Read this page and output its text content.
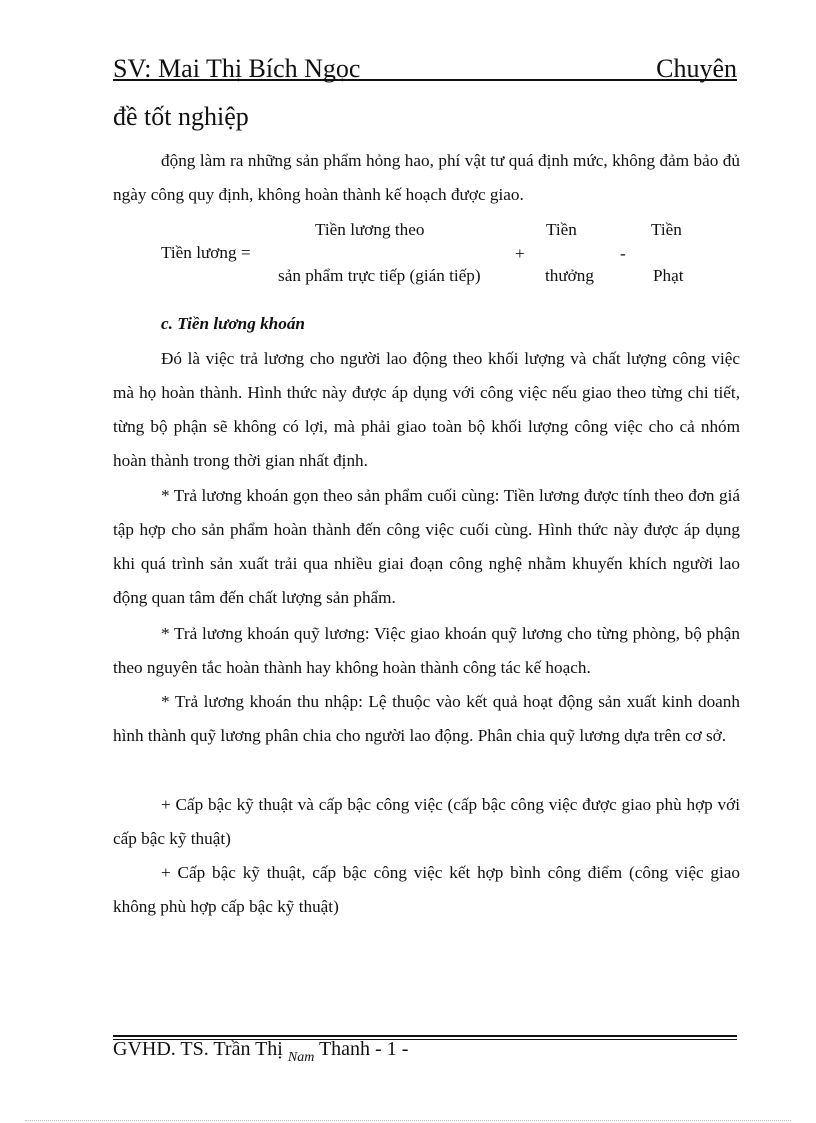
SV: Mai Thị Bích Ngọc	Chuyên
đề tốt nghiệp

động làm ra những sản phẩm hỏng hao, phí vật tư quá định mức, không đảm bảo đủ ngày công quy định, không hoàn thành kế hoạch được giao.

Tiền lương =
Tiền lương theo
sản phẩm trực tiếp (gián tiếp)
+
Tiền
thưởng
-
Tiền
Phạt
c. Tiền lương khoán

Đó là việc trả lương cho người lao động theo khối lượng và chất lượng công việc mà họ hoàn thành. Hình thức này được áp dụng với công việc nếu giao theo từng chi tiết, từng bộ phận sẽ không có lợi, mà phải giao toàn bộ khối lượng công việc cho cả nhóm hoàn thành trong thời gian nhất định.

* Trả lương khoán gọn theo sản phẩm cuối cùng: Tiền lương được tính theo đơn giá tập hợp cho sản phẩm hoàn thành đến công việc cuối cùng. Hình thức này được áp dụng khi quá trình sản xuất trải qua nhiều giai đoạn công nghệ nhằm khuyến khích người lao động quan tâm đến chất lượng sản phẩm.

* Trả lương khoán quỹ lương: Việc giao khoán quỹ lương cho từng phòng, bộ phận theo nguyên tắc hoàn thành hay không hoàn thành công tác kế hoạch.

* Trả lương khoán thu nhập: Lệ thuộc vào kết quả hoạt động sản xuất kinh doanh hình thành quỹ lương phân chia cho người lao động. Phân chia quỹ lương dựa trên cơ sở.

+ Cấp bậc kỹ thuật và cấp bậc công việc (cấp bậc công việc được giao phù hợp với cấp bậc kỹ thuật)

+ Cấp bậc kỹ thuật, cấp bậc công việc kết hợp bình công điểm (công việc giao không phù hợp cấp bậc kỹ thuật)

GVHD. TS. Trần Thị $_{Nam}$ Thanh - 1 -
